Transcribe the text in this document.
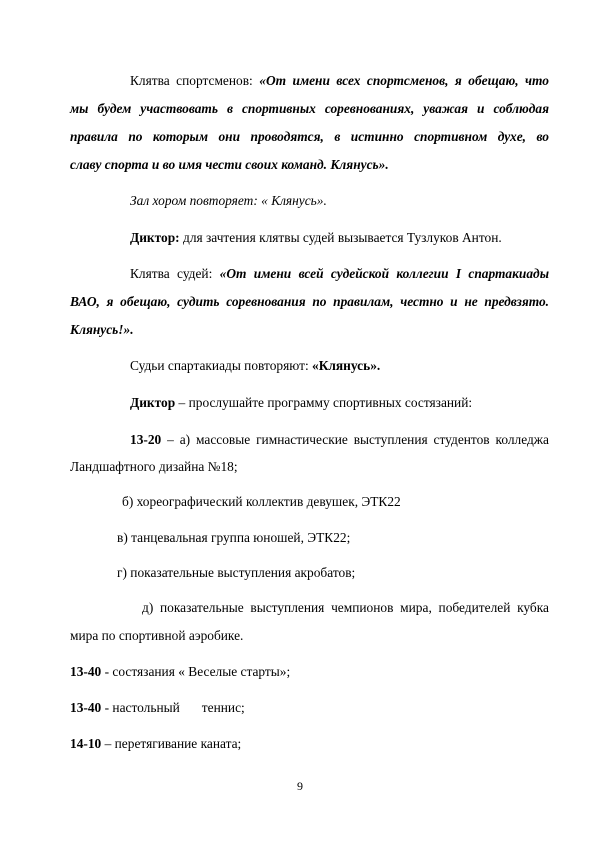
Клятва спортсменов: «От имени всех спортсменов, я обещаю, что
мы будем участвовать в спортивных соревнованиях, уважая и соблюдая
правила по которым они проводятся, в истинно спортивном духе, во
славу спорта и во имя чести своих команд. Клянусь».
Зал хором повторяет: « Клянусь».
Диктор: для зачтения клятвы судей вызывается Тузлуков Антон.
Клятва судей: «От имени всей судейской коллегии I спартакиады
ВАО, я обещаю, судить соревнования по правилам, честно и не предвзято.
Клянусь!».
Судьи спартакиады повторяют: «Клянусь».
Диктор – прослушайте программу спортивных состязаний:
13-20 – а) массовые гимнастические выступления студентов колледжа
Ландшафтного дизайна №18;
б) хореографический коллектив девушек, ЭТК22
в) танцевальная группа юношей, ЭТК22;
г) показательные выступления акробатов;
д) показательные выступления чемпионов мира, победителей кубка
мира по спортивной аэробике.
13-40 - состязания « Веселые старты»;
13-40 - настольный теннис;
14-10 – перетягивание каната;
9
